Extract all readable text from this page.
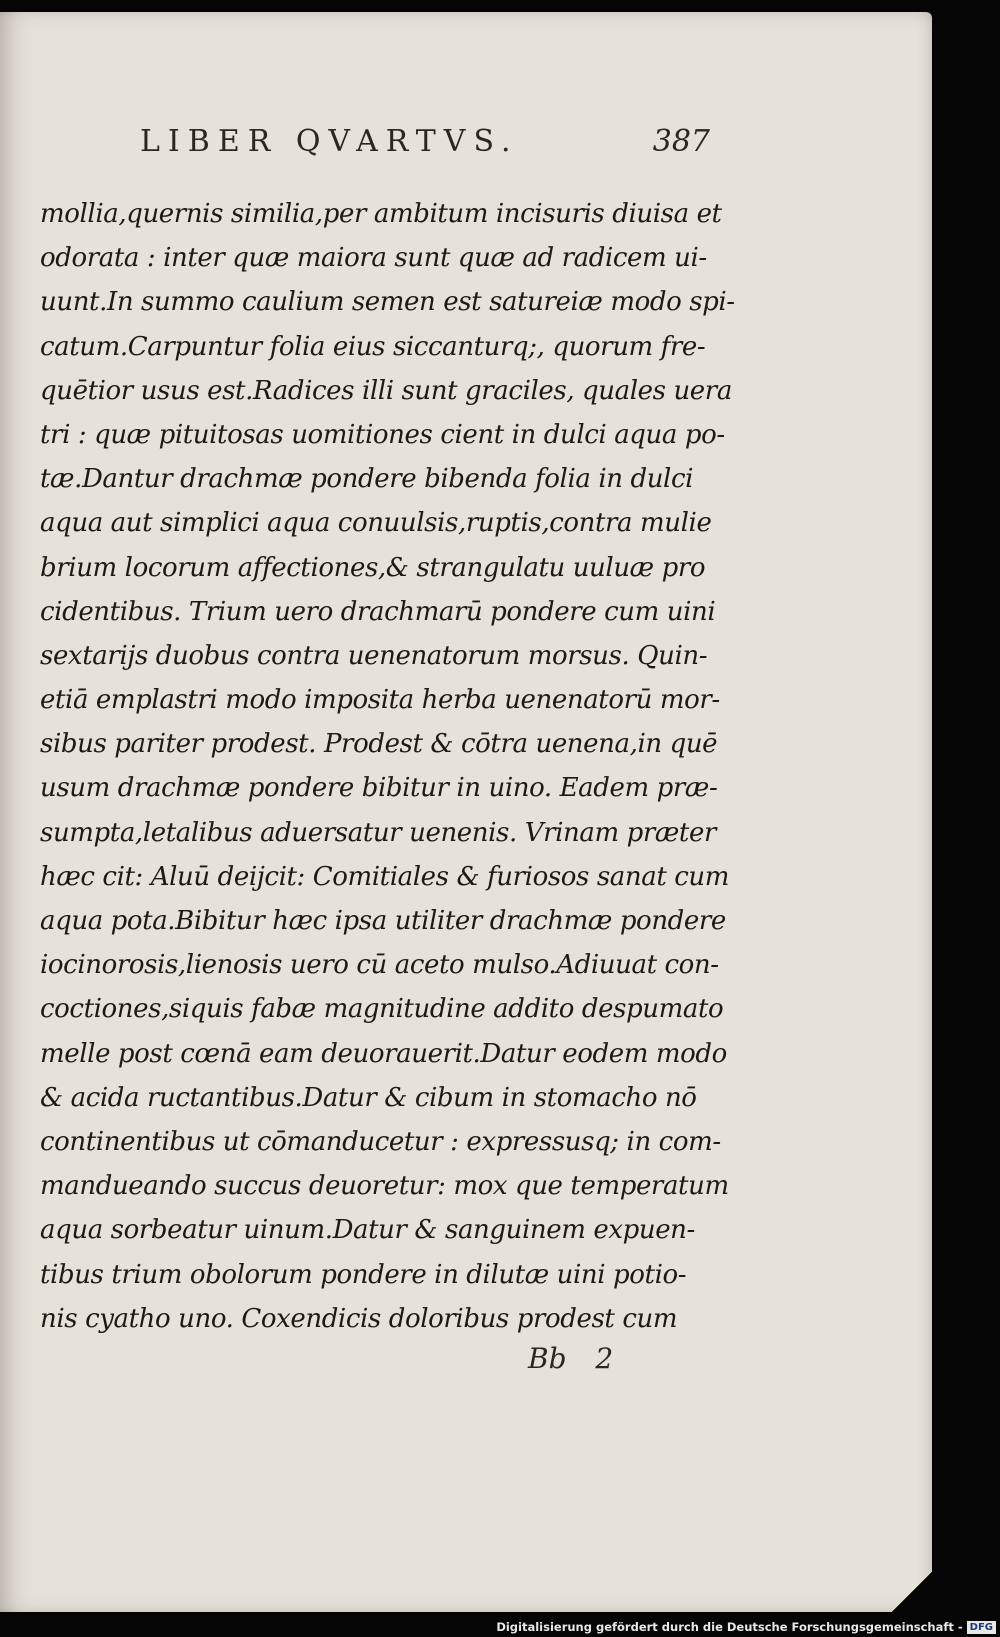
LIBER QVARTVS.	387
mollia,quernis similia,per ambitum incisuris diuisa et
odorata : inter quæ maiora sunt quæ ad radicem ui-
uunt.In summo caulium semen est satureiæ modo spi-
catum.Carpuntur folia eius siccanturq;, quorum fre-
quētior usus est.Radices illi sunt graciles, quales uera
tri : quæ pituitosas uomitiones cient in dulci aqua po-
tæ.Dantur drachmæ pondere bibenda folia in dulci
aqua aut simplici aqua conuulsis,ruptis,contra mulie
brium locorum affectiones,& strangulatu uuluæ pro
cidentibus. Trium uero drachmarū pondere cum uini
sextarijs duobus contra uenenatorum morsus. Quin-
etiā emplastri modo imposita herba uenenatorū mor-
sibus pariter prodest. Prodest & cōtra uenena,in quē
usum drachmæ pondere bibitur in uino. Eadem præ-
sumpta,letalibus aduersatur uenenis. Vrinam præter
hæc cit: Aluū deijcit: Comitiales & furiosos sanat cum
aqua pota.Bibitur hæc ipsa utiliter drachmæ pondere
iocinorosis,lienosis uero cū aceto mulso.Adiuuat con-
coctiones,siquis fabæ magnitudine addito despumato
melle post cœnā eam deuorauerit.Datur eodem modo
& acida ructantibus.Datur & cibum in stomacho nō
continentibus ut cōmanducetur : expressusq; in com-
mandueando succus deuoretur: mox que temperatum
aqua sorbeatur uinum.Datur & sanguinem expuen-
tibus trium obolorum pondere in dilutæ uini potio-
nis cyatho uno. Coxendicis doloribus prodest cum
Bb 2
Digitalisierung gefördert durch die Deutsche Forschungsgemeinschaft - DFG
